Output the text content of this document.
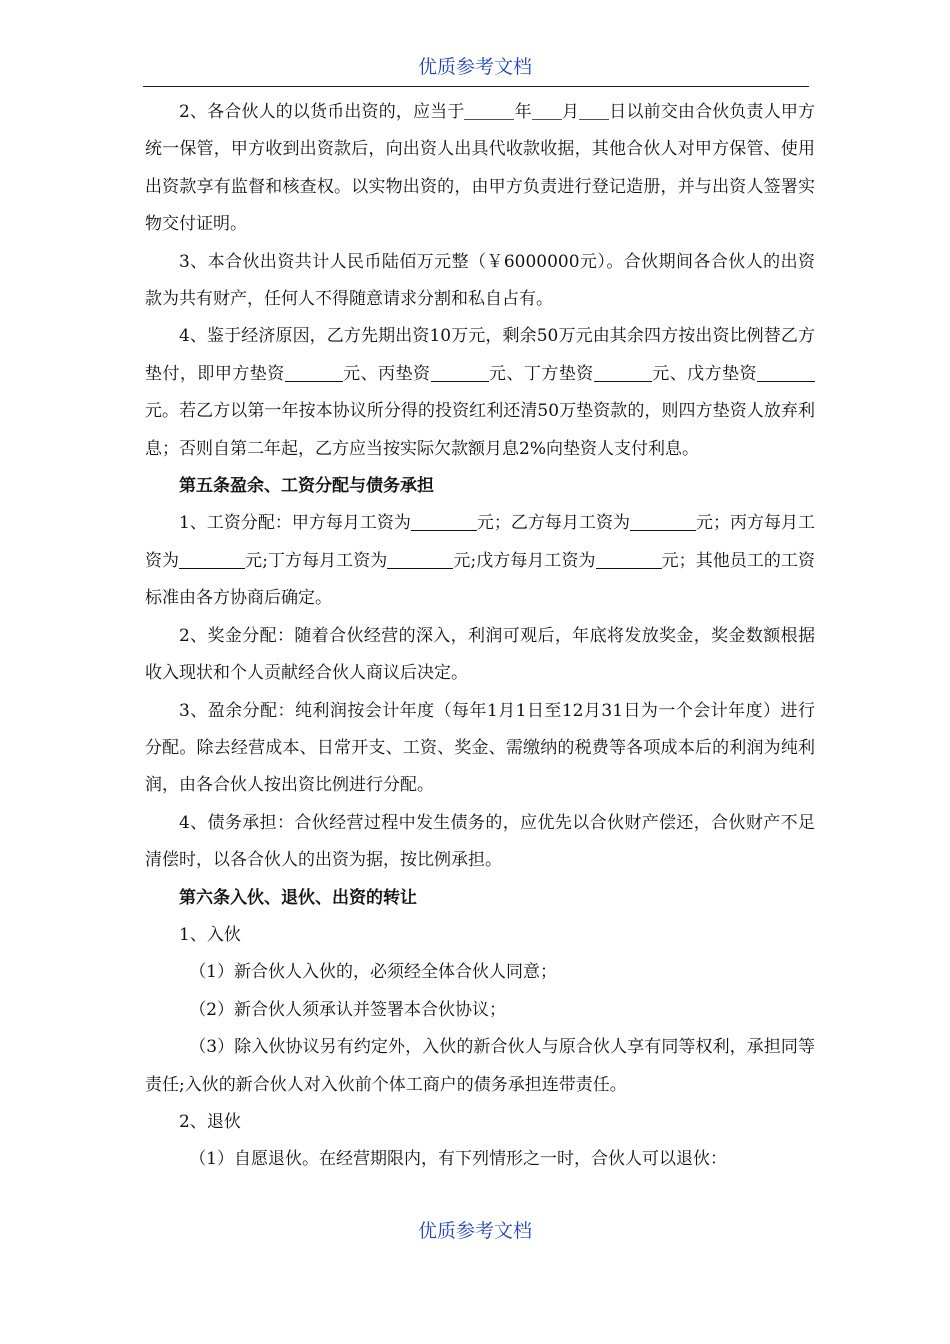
优质参考文档

2、各合伙人的以货币出资的，应当于	年 月 日以前交由合伙负责人甲方统一保管，甲方收到出资款后，向出资人出具代收款收据，其他合伙人对甲方保管、使用出资款享有监督和核查权。以实物出资的，由甲方负责进行登记造册，并与出资人签署实物交付证明。

3、本合伙出资共计人民币陆佰万元整（￥6000000元）。合伙期间各合伙人的出资款为共有财产，任何人不得随意请求分割和私自占有。

4、鉴于经济原因，乙方先期出资10万元，剩余50万元由其余四方按出资比例替乙方垫付，即甲方垫资	元、丙垫资	元、丁方垫资	元、戊方垫资元。若乙方以第一年按本协议所分得的投资红利还清50万垫资款的，则四方垫资人放弃利息；否则自第二年起，乙方应当按实际欠款额月息2%向垫资人支付利息。

第五条盈余、工资分配与债务承担

1、工资分配：甲方每月工资为	元；乙方每月工资为	元；丙方每月工资为	元;丁方每月工资为	元;戊方每月工资为	元；其他员工的工资标准由各方协商后确定。

2、奖金分配：随着合伙经营的深入，利润可观后，年底将发放奖金，奖金数额根据收入现状和个人贡献经合伙人商议后决定。

3、盈余分配：纯利润按会计年度（每年1月1日至12月31日为一个会计年度）进行分配。除去经营成本、日常开支、工资、奖金、需缴纳的税费等各项成本后的利润为纯利润，由各合伙人按出资比例进行分配。

4、债务承担：合伙经营过程中发生债务的，应优先以合伙财产偿还，合伙财产不足清偿时，以各合伙人的出资为据，按比例承担。

第六条入伙、退伙、出资的转让

1、入伙

（1）新合伙人入伙的，必须经全体合伙人同意；

（2）新合伙人须承认并签署本合伙协议；

（3）除入伙协议另有约定外，入伙的新合伙人与原合伙人享有同等权利，承担同等责任;入伙的新合伙人对入伙前个体工商户的债务承担连带责任。

2、退伙

（1）自愿退伙。在经营期限内，有下列情形之一时，合伙人可以退伙：

优质参考文档
